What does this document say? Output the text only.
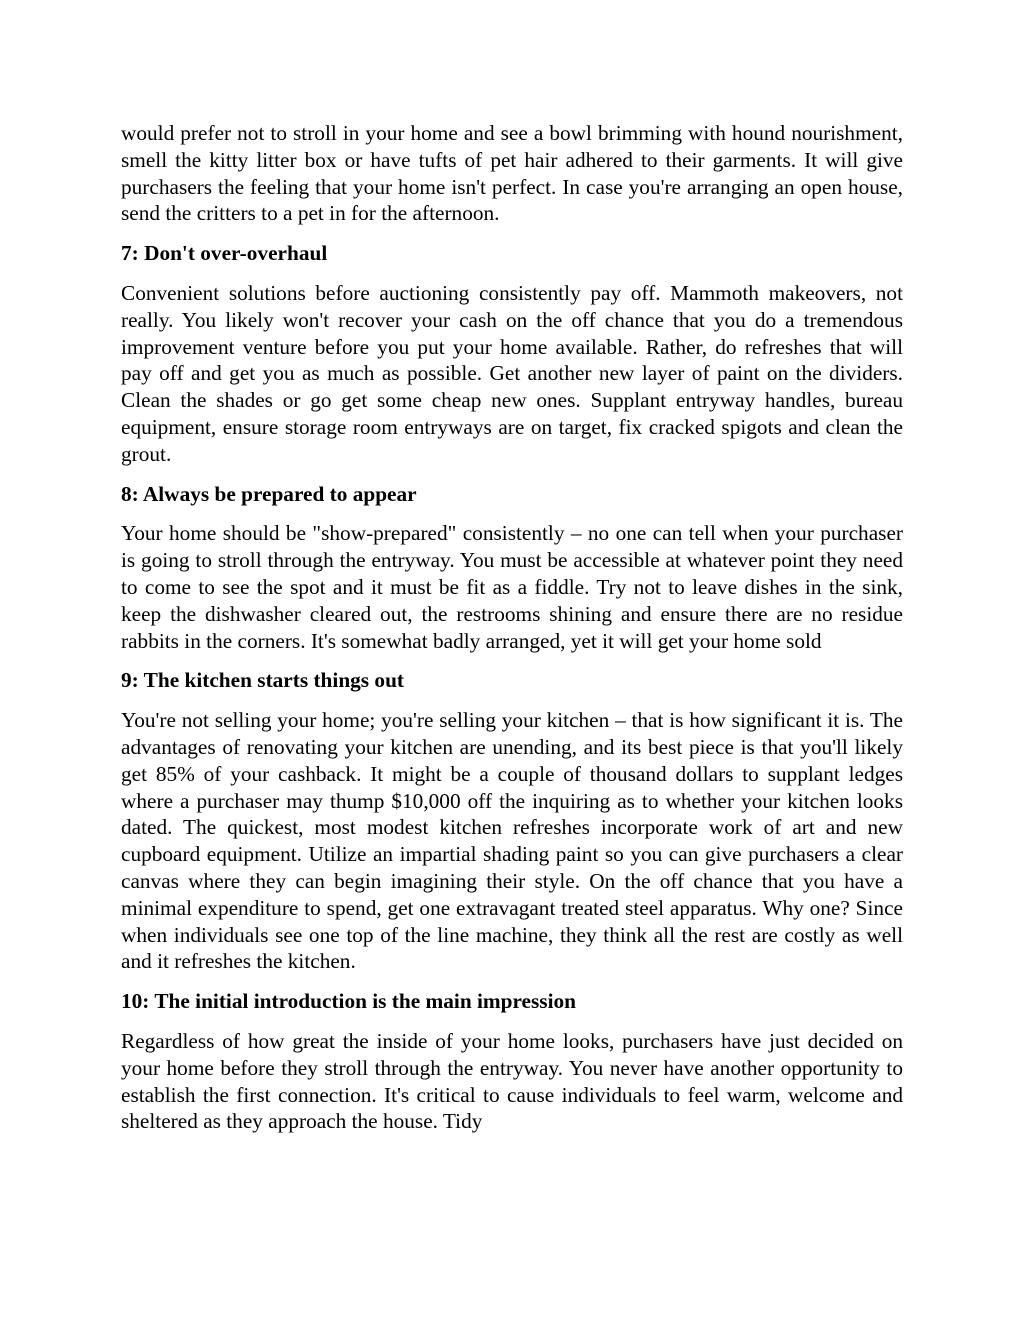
would prefer not to stroll in your home and see a bowl brimming with hound nourishment, smell the kitty litter box or have tufts of pet hair adhered to their garments. It will give purchasers the feeling that your home isn't perfect. In case you're arranging an open house, send the critters to a pet in for the afternoon.

7: Don't over-overhaul

Convenient solutions before auctioning consistently pay off. Mammoth makeovers, not really. You likely won't recover your cash on the off chance that you do a tremendous improvement venture before you put your home available. Rather, do refreshes that will pay off and get you as much as possible. Get another new layer of paint on the dividers. Clean the shades or go get some cheap new ones. Supplant entryway handles, bureau equipment, ensure storage room entryways are on target, fix cracked spigots and clean the grout.

8: Always be prepared to appear

Your home should be "show-prepared" consistently – no one can tell when your purchaser is going to stroll through the entryway. You must be accessible at whatever point they need to come to see the spot and it must be fit as a fiddle. Try not to leave dishes in the sink, keep the dishwasher cleared out, the restrooms shining and ensure there are no residue rabbits in the corners. It's somewhat badly arranged, yet it will get your home sold

9: The kitchen starts things out

You're not selling your home; you're selling your kitchen – that is how significant it is. The advantages of renovating your kitchen are unending, and its best piece is that you'll likely get 85% of your cashback. It might be a couple of thousand dollars to supplant ledges where a purchaser may thump $10,000 off the inquiring as to whether your kitchen looks dated. The quickest, most modest kitchen refreshes incorporate work of art and new cupboard equipment. Utilize an impartial shading paint so you can give purchasers a clear canvas where they can begin imagining their style. On the off chance that you have a minimal expenditure to spend, get one extravagant treated steel apparatus. Why one? Since when individuals see one top of the line machine, they think all the rest are costly as well and it refreshes the kitchen.

10: The initial introduction is the main impression

Regardless of how great the inside of your home looks, purchasers have just decided on your home before they stroll through the entryway. You never have another opportunity to establish the first connection. It's critical to cause individuals to feel warm, welcome and sheltered as they approach the house. Tidy
